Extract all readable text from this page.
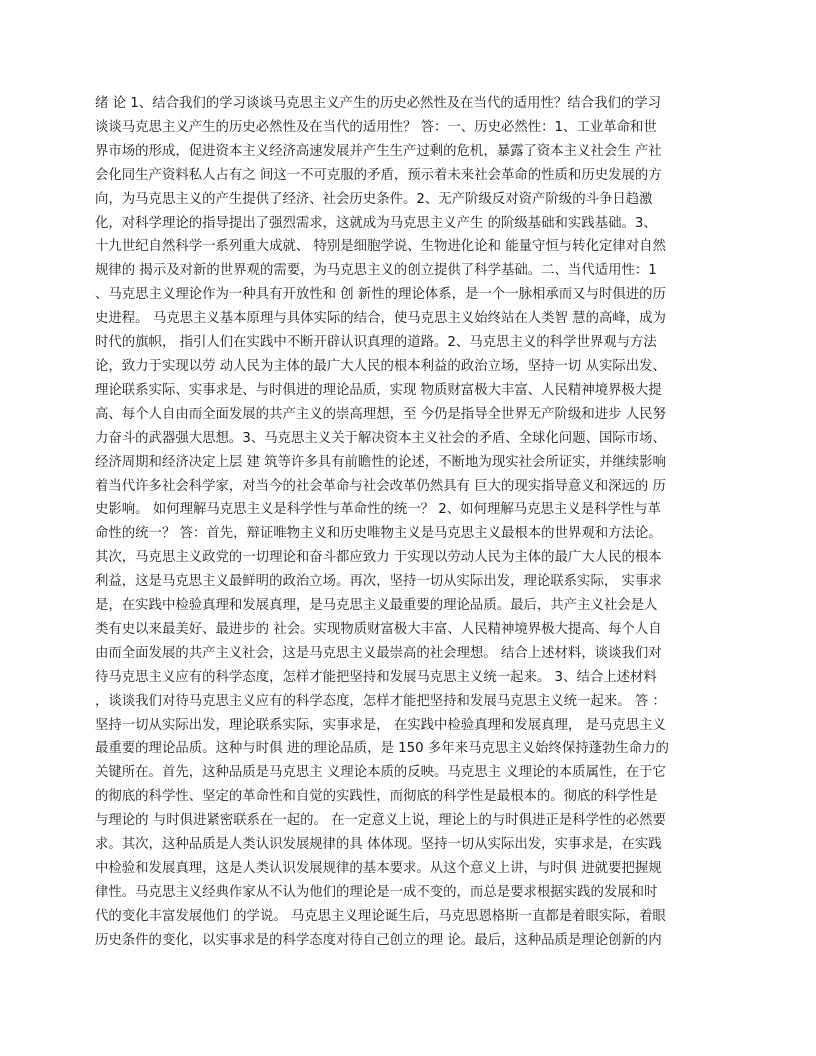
绪 论 1、结合我们的学习谈谈马克思主义产生的历史必然性及在当代的适用性？结合我们的学习

谈谈马克思主义产生的历史必然性及在当代的适用性？ 答：一、历史必然性：1、工业革命和世

界市场的形成，促进资本主义经济高速发展并产生生产过剩的危机，暴露了资本主义社会生 产社

会化同生产资料私人占有之 间这一不可克服的矛盾，预示着未来社会革命的性质和历史发展的方

向，为马克思主义的产生提供了经济、社会历史条件。2、无产阶级反对资产阶级的斗争日趋激

化，对科学理论的指导提出了强烈需求，这就成为马克思主义产生 的阶级基础和实践基础。3、

十九世纪自然科学一系列重大成就、 特别是细胞学说、生物进化论和 能量守恒与转化定律对自然

规律的 揭示及对新的世界观的需要，为马克思主义的创立提供了科学基础。二、当代适用性：1

、马克思主义理论作为一种具有开放性和 创 新性的理论体系，是一个一脉相承而又与时俱进的历

史进程。 马克思主义基本原理与具体实际的结合，使马克思主义始终站在人类智 慧的高峰，成为

时代的旗帜， 指引人们在实践中不断开辟认识真理的道路。2、马克思主义的科学世界观与方法

论，致力于实现以劳 动人民为主体的最广大人民的根本利益的政治立场，坚持一切 从实际出发、

理论联系实际、实事求是、与时俱进的理论品质，实现 物质财富极大丰富、人民精神境界极大提

高、每个人自由而全面发展的共产主义的崇高理想，至 今仍是指导全世界无产阶级和进步 人民努

力奋斗的武器强大思想。3、马克思主义关于解决资本主义社会的矛盾、全球化问题、国际市场、

经济周期和经济决定上层 建 筑等许多具有前瞻性的论述，不断地为现实社会所证实，并继续影响

着当代许多社会科学家，对当今的社会革命与社会改革仍然具有 巨大的现实指导意义和深远的 历

史影响。 如何理解马克思主义是科学性与革命性的统一？ 2、如何理解马克思主义是科学性与革

命性的统一？ 答：首先，辩证唯物主义和历史唯物主义是马克思主义最根本的世界观和方法论。

其次，马克思主义政党的一切理论和奋斗都应致力 于实现以劳动人民为主体的最广大人民的根本

利益，这是马克思主义最鲜明的政治立场。再次，坚持一切从实际出发，理论联系实际， 实事求

是，在实践中检验真理和发展真理，是马克思主义最重要的理论品质。最后，共产主义社会是人

类有史以来最美好、最进步的 社会。实现物质财富极大丰富、人民精神境界极大提高、每个人自

由而全面发展的共产主义社会，这是马克思主义最崇高的社会理想。 结合上述材料，谈谈我们对

待马克思主义应有的科学态度，怎样才能把坚持和发展马克思主义统一起来。 3、结合上述材料

，谈谈我们对待马克思主义应有的科学态度，怎样才能把坚持和发展马克思主义统一起来。 答 ：

坚持一切从实际出发，理论联系实际，实事求是， 在实践中检验真理和发展真理， 是马克思主义

最重要的理论品质。这种与时俱 进的理论品质，是 150 多年来马克思主义始终保持蓬勃生命力的

关键所在。首先，这种品质是马克思主 义理论本质的反映。马克思主 义理论的本质属性，在于它

的彻底的科学性、坚定的革命性和自觉的实践性，而彻底的科学性是最根本的。彻底的科学性是

与理论的 与时俱进紧密联系在一起的。 在一定意义上说，理论上的与时俱进正是科学性的必然要

求。其次，这种品质是人类认识发展规律的具 体体现。坚持一切从实际出发，实事求是，在实践

中检验和发展真理，这是人类认识发展规律的基本要求。从这个意义上讲，与时俱 进就要把握规

律性。马克思主义经典作家从不认为他们的理论是一成不变的，而总是要求根据实践的发展和时

代的变化丰富发展他们 的学说。 马克思主义理论诞生后，马克思恩格斯一直都是着眼实际，着眼

历史条件的变化，以实事求是的科学态度对待自己创立的理 论。最后，这种品质是理论创新的内
